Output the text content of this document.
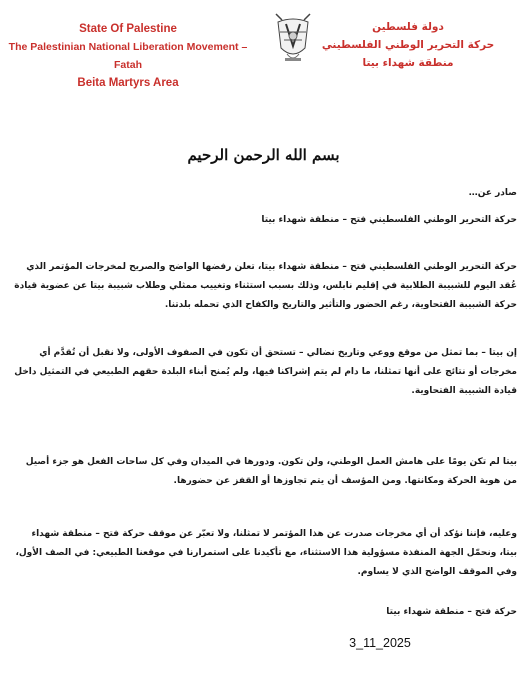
State Of Palestine
The Palestinian National Liberation Movement – Fatah
Beita Martyrs Area
دولة فلسطين
حركة التحرير الوطني الفلسطيني
منطقة شهداء بيتا
بسم الله الرحمن الرحيم
صادر عن…
حركة التحرير الوطني الفلسطيني فتح – منطقة شهداء بيتا
حركة التحرير الوطني الفلسطيني فتح – منطقة شهداء بيتا، تعلن رفضها الواضح والصريح لمخرجات المؤتمر الذي عُقد اليوم للشبيبة الطلابية في إقليم نابلس، وذلك بسبب استثناء وتغييب ممثلي وطلاب شبيبة بيتا عن عضوية قيادة حركة الشبيبة الفتحاوية، رغم الحضور والتأثير والتاريخ والكفاح الذي تحمله بلدتنا.
إن بيتا – بما تمثل من موقع ووعي وتاريخ نضالي – تستحق أن تكون في الصفوف الأولى، ولا نقبل أن تُقدَّم أي مخرجات أو نتائج على أنها تمثلنا، ما دام لم يتم إشراكنا فيها، ولم يُمنح أبناء البلدة حقهم الطبيعي في التمثيل داخل قيادة الشبيبة الفتحاوية.
بيتا لم تكن يومًا على هامش العمل الوطني، ولن تكون. ودورها في الميدان وفي كل ساحات الفعل هو جزء أصيل من هوية الحركة ومكانتها. ومن المؤسف أن يتم تجاوزها أو القفز عن حضورها.
وعليه، فإننا نؤكد أن أي مخرجات صدرت عن هذا المؤتمر لا تمثلنا، ولا تعبّر عن موقف حركة فتح – منطقة شهداء بيتا، ونحمّل الجهة المنفذة مسؤولية هذا الاستثناء، مع تأكيدنا على استمرارنا في موقعنا الطبيعي: في الصف الأول، وفي الموقف الواضح الذي لا يساوم.
حركة فتح – منطقة شهداء بيتا
3_11_2025
